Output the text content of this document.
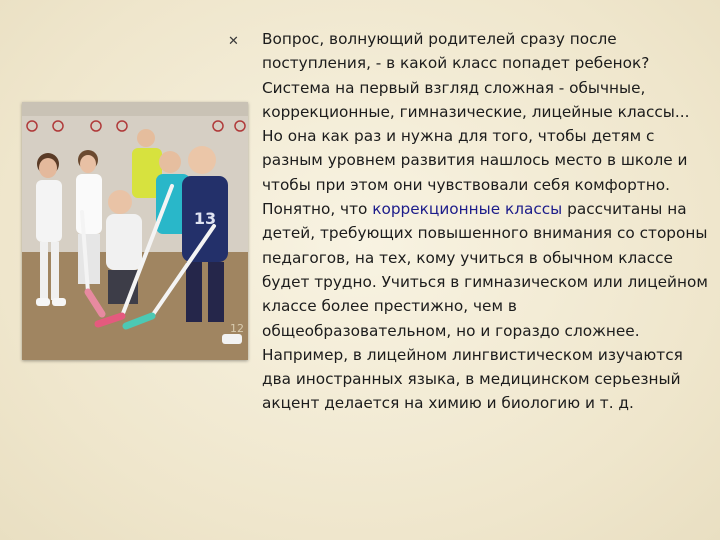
13
12
✕ Вопрос, волнующий родителей сразу после поступления, - в какой класс попадет ребенок? Система на первый взгляд сложная - обычные, коррекционные, гимназические, лицейные классы... Но она как раз и нужна для того, чтобы детям с разным уровнем развития нашлось место в школе и чтобы при этом они чувствовали себя комфортно.

Понятно, что коррекционные классы рассчитаны на детей, требующих повышенного внимания со стороны педагогов, на тех, кому учиться в обычном классе будет трудно. Учиться в гимназическом или лицейном классе более престижно, чем в общеобразовательном, но и гораздо сложнее. Например, в лицейном лингвистическом изучаются два иностранных языка, в медицинском серьезный акцент делается на химию и биологию и т. д.
